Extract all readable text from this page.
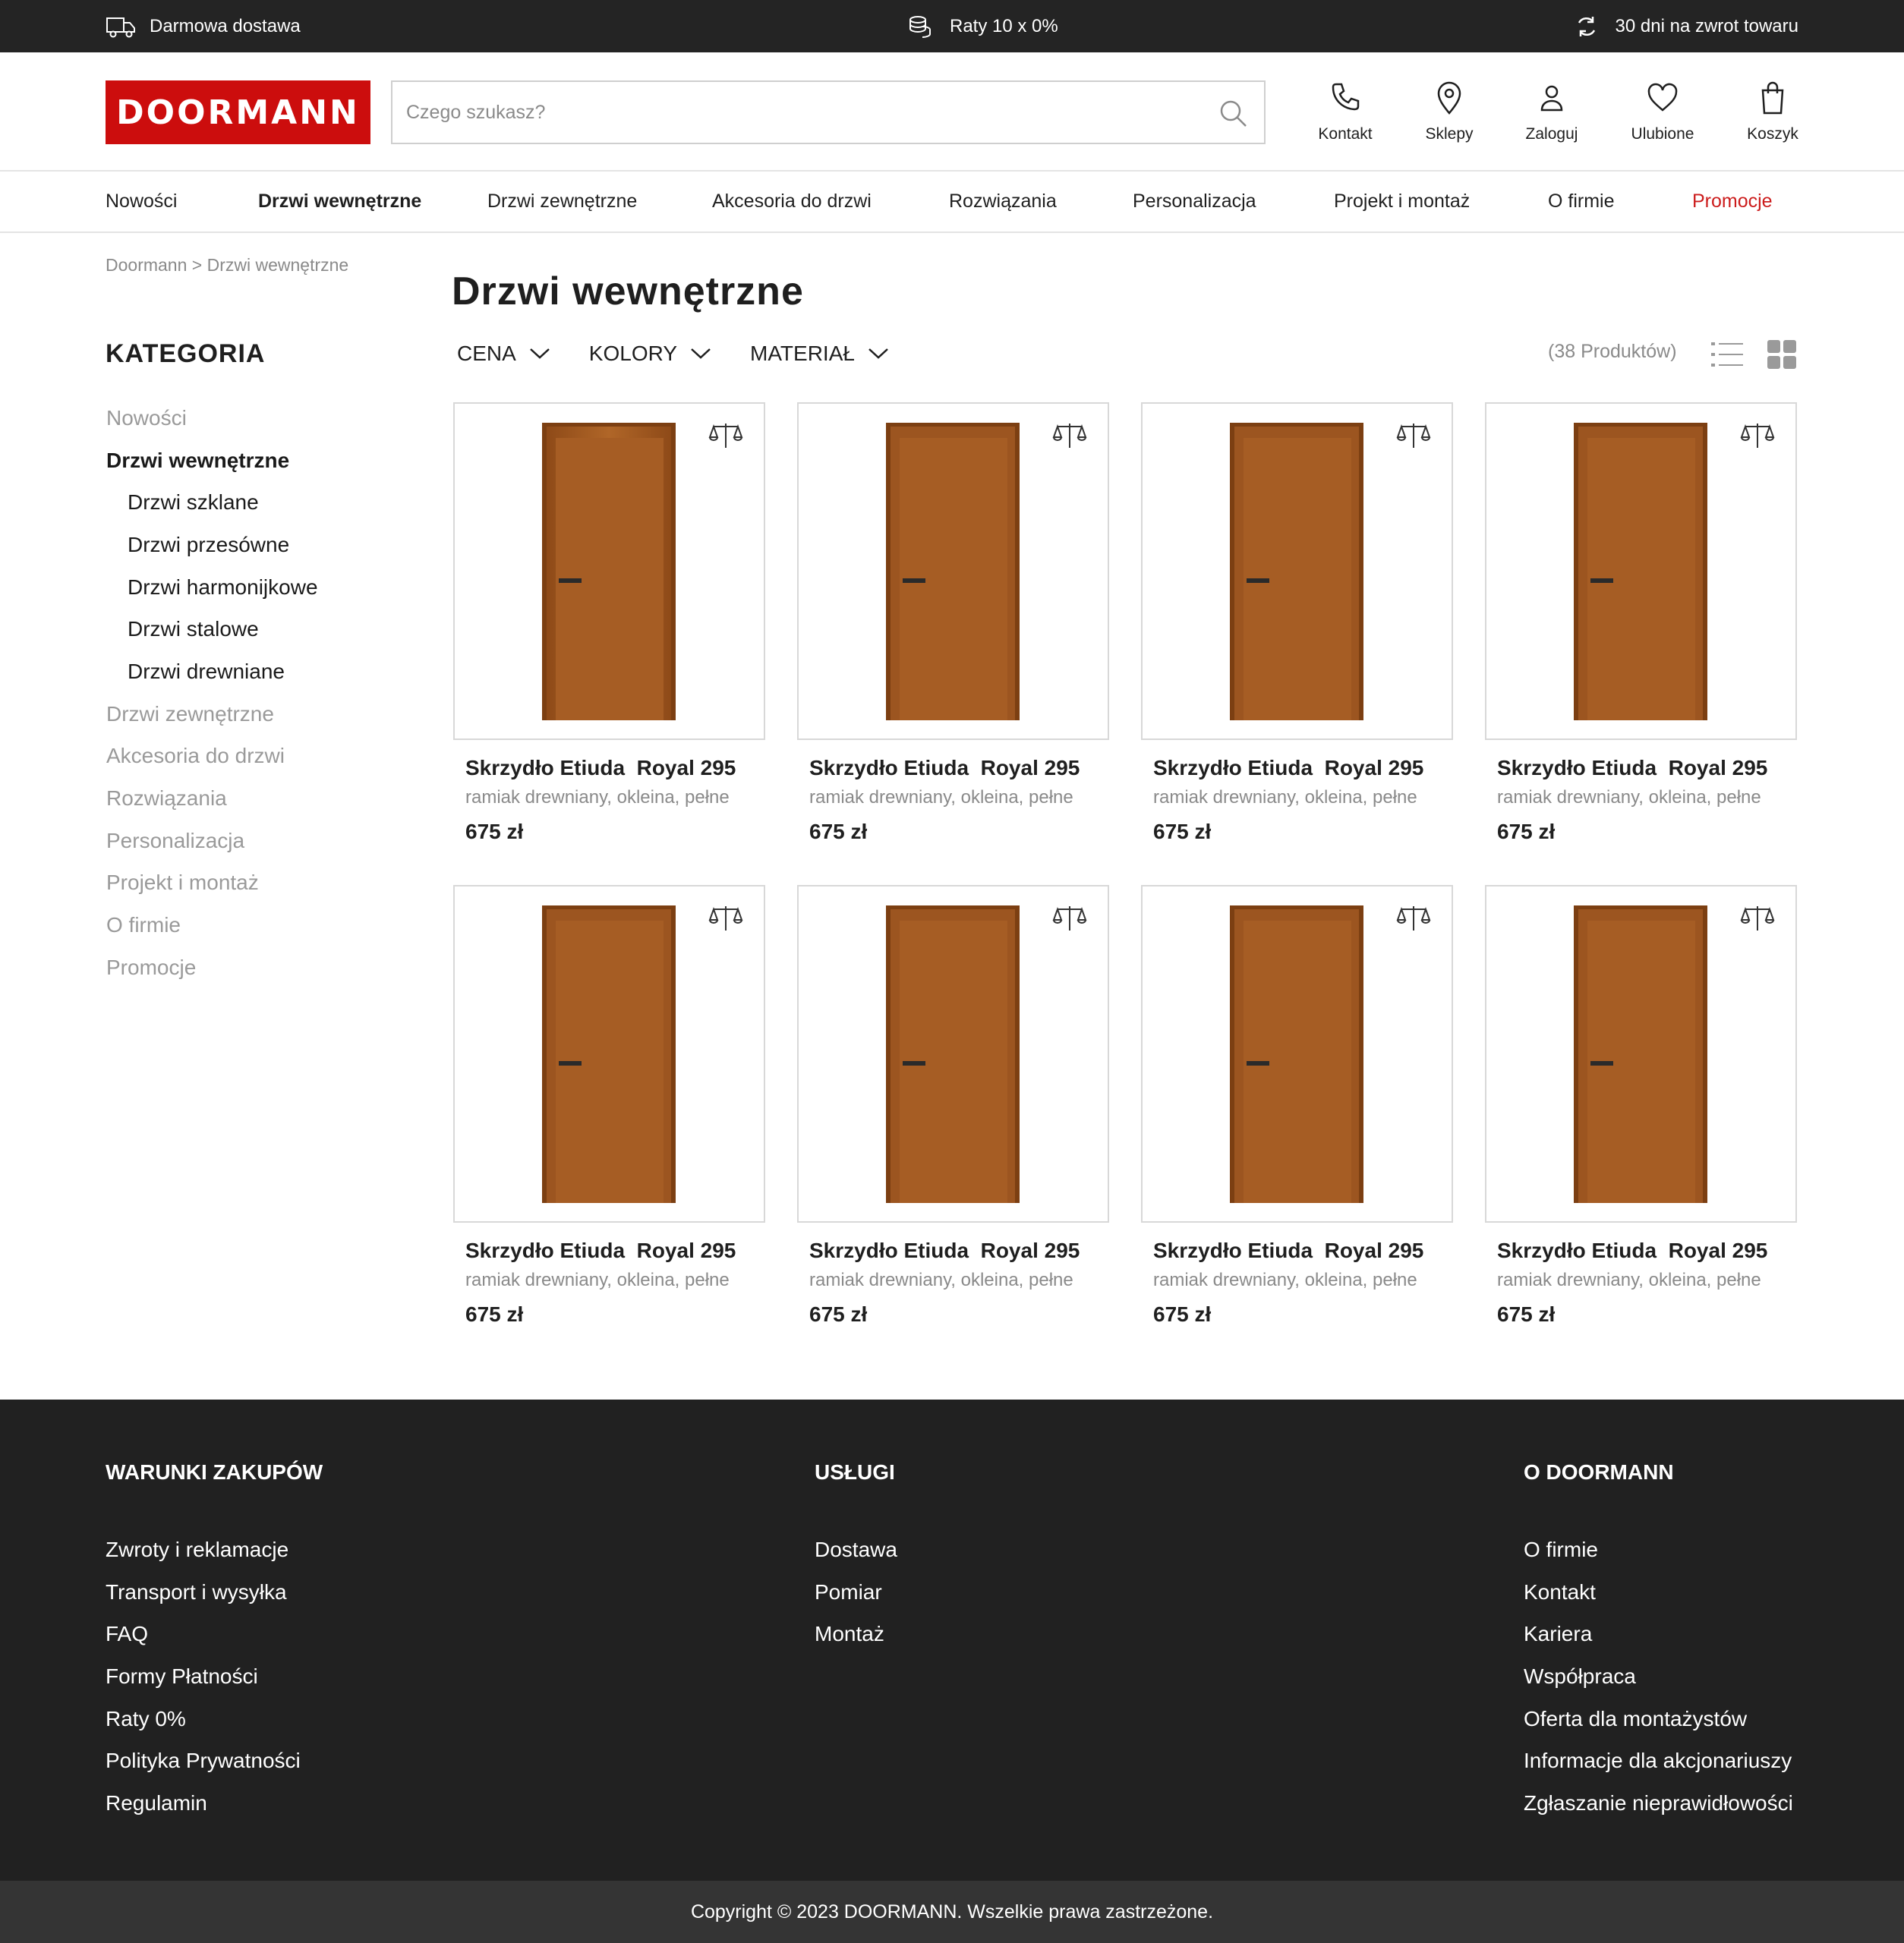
Darmowa dostawa	Raty 10 x 0%	30 dni na zwrot towaru
DOORMANN
Czego szukasz?
Kontakt	Sklepy	Zaloguj	Ulubione	Koszyk
Nowości	Drzwi wewnętrzne	Drzwi zewnętrzne	Akcesoria do drzwi	Rozwiązania	Personalizacja	Projekt i montaż	O firmie	Promocje
Doormann > Drzwi wewnętrzne
KATEGORIA
Nowości
Drzwi wewnętrzne
Drzwi szklane
Drzwi przesówne
Drzwi harmonijkowe
Drzwi stalowe
Drzwi drewniane
Drzwi zewnętrzne
Akcesoria do drzwi
Rozwiązania
Personalizacja
Projekt i montaż
O firmie
Promocje
Drzwi wewnętrzne
CENA	KOLORY	MATERIAŁ	(38 Produktów)
Skrzydło Etiuda  Royal 295
ramiak drewniany, okleina, pełne
675 zł
Skrzydło Etiuda  Royal 295
ramiak drewniany, okleina, pełne
675 zł
Skrzydło Etiuda  Royal 295
ramiak drewniany, okleina, pełne
675 zł
Skrzydło Etiuda  Royal 295
ramiak drewniany, okleina, pełne
675 zł
Skrzydło Etiuda  Royal 295
ramiak drewniany, okleina, pełne
675 zł
Skrzydło Etiuda  Royal 295
ramiak drewniany, okleina, pełne
675 zł
Skrzydło Etiuda  Royal 295
ramiak drewniany, okleina, pełne
675 zł
Skrzydło Etiuda  Royal 295
ramiak drewniany, okleina, pełne
675 zł
WARUNKI ZAKUPÓW
Zwroty i reklamacje
Transport i wysyłka
FAQ
Formy Płatności
Raty 0%
Polityka Prywatności
Regulamin
USŁUGI
Dostawa
Pomiar
Montaż
O DOORMANN
O firmie
Kontakt
Kariera
Współpraca
Oferta dla montażystów
Informacje dla akcjonariuszy
Zgłaszanie nieprawidłowości
Copyright © 2023 DOORMANN. Wszelkie prawa zastrzeżone.
